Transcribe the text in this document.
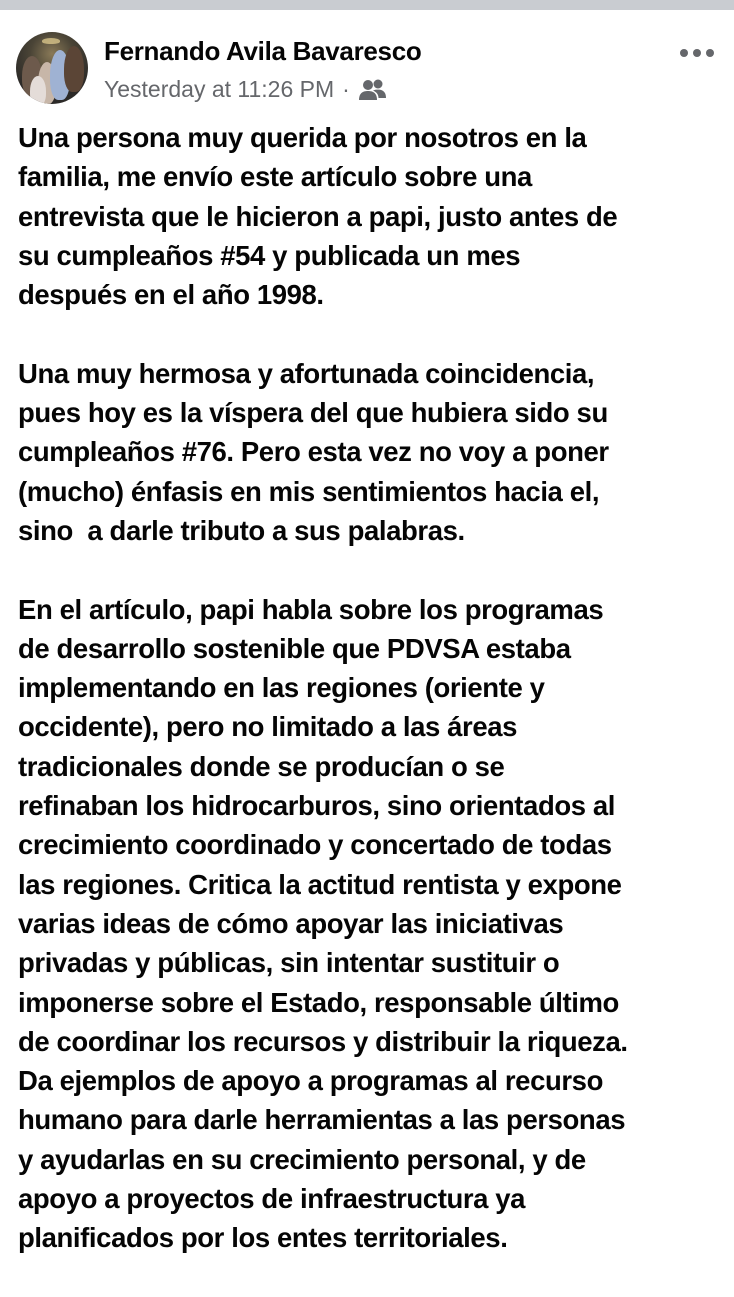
Fernando Avila Bavaresco
Yesterday at 11:26 PM ·
Una persona muy querida por nosotros en la
familia, me envío este artículo sobre una
entrevista que le hicieron a papi, justo antes de
su cumpleaños #54 y publicada un mes
después en el año 1998.
Una muy hermosa y afortunada coincidencia,
pues hoy es la víspera del que hubiera sido su
cumpleaños #76. Pero esta vez no voy a poner
(mucho) énfasis en mis sentimientos hacia el,
sino  a darle tributo a sus palabras.
En el artículo, papi habla sobre los programas
de desarrollo sostenible que PDVSA estaba
implementando en las regiones (oriente y
occidente), pero no limitado a las áreas
tradicionales donde se producían o se
refinaban los hidrocarburos, sino orientados al
crecimiento coordinado y concertado de todas
las regiones. Critica la actitud rentista y expone
varias ideas de cómo apoyar las iniciativas
privadas y públicas, sin intentar sustituir o
imponerse sobre el Estado, responsable último
de coordinar los recursos y distribuir la riqueza.
Da ejemplos de apoyo a programas al recurso
humano para darle herramientas a las personas
y ayudarlas en su crecimiento personal, y de
apoyo a proyectos de infraestructura ya
planificados por los entes territoriales.
